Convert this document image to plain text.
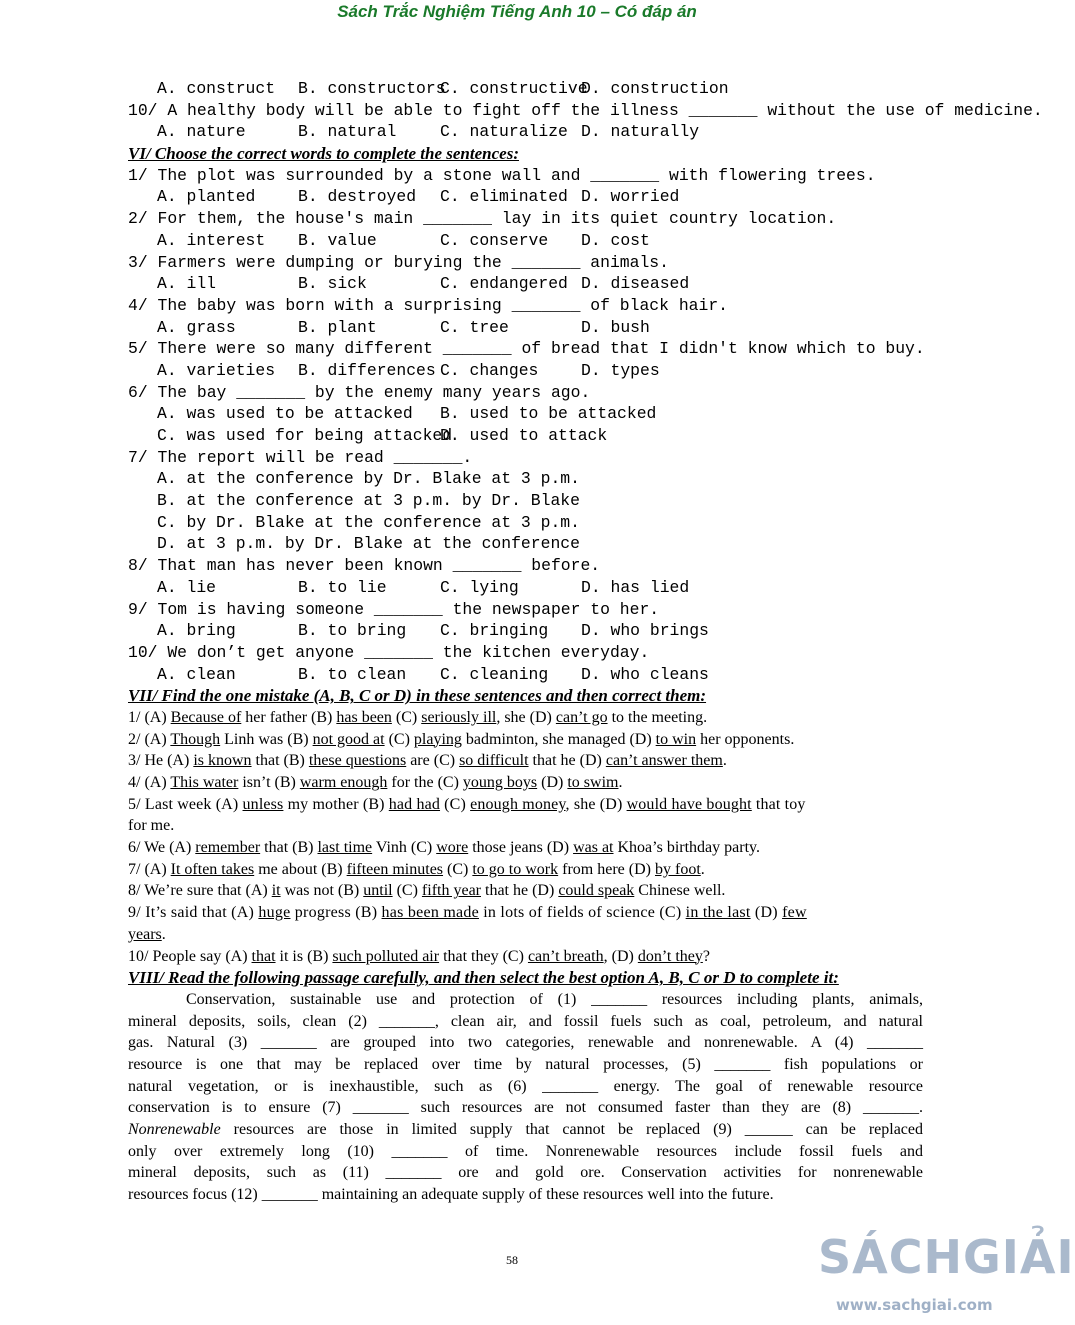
Sách Trắc Nghiệm Tiếng Anh 10 – Có đáp án
A. construct B. constructorsC. constructiveD. construction
10/ A healthy body will be able to fight off the illness _______ without the use of medicine.
A. nature	B. natural	C. naturalize D. naturally
VI/ Choose the correct words to complete the sentences:
1/ The plot was surrounded by a stone wall and _______ with flowering trees.
A. planted	B. destroyed C. eliminated D. worried
2/ For them, the house's main _______ lay in its quiet country location.
A. interest B. value	C. conserve D. cost
3/ Farmers were dumping or burying the _______ animals.
A. ill	B. sick	C. endangered D. diseased
4/ The baby was born with a surprising _______ of black hair.
A. grass	B. plant	C. tree	D. bush
5/ There were so many different _______ of bread that I didn't know which to buy.
A. varieties B. differences C. changes	D. types
6/ The bay _______ by the enemy many years ago.
A. was used to be attacked B. used to be attacked
C. was used for being attackedD. used to attack
7/ The report will be read _______.
A. at the conference by Dr. Blake at 3 p.m.
B. at the conference at 3 p.m. by Dr. Blake
C. by Dr. Blake at the conference at 3 p.m.
D. at 3 p.m. by Dr. Blake at the conference
8/ That man has never been known _______ before.
A. lie	B. to lie	C. lying	D. has lied
9/ Tom is having someone _______ the newspaper to her.
A. bring	B. to bring C. bringing D. who brings
10/ We don’t get anyone _______ the kitchen everyday.
A. clean	B. to clean C. cleaning D. who cleans
VII/ Find the one mistake (A, B, C or D) in these sentences and then correct them:
1/ (A) Because of her father (B) has been (C) seriously ill, she (D) can’t go to the meeting.
2/ (A) Though Linh was (B) not good at (C) playing badminton, she managed (D) to win her opponents.
3/ He (A) is known that (B) these questions are (C) so difficult that he (D) can’t answer them.
4/ (A) This water isn’t (B) warm enough for the (C) young boys (D) to swim.
5/ Last week (A) unless my mother (B) had had (C) enough money, she (D) would have bought that toy
for me.
6/ We (A) remember that (B) last time Vinh (C) wore those jeans (D) was at Khoa’s birthday party.
7/ (A) It often takes me about (B) fifteen minutes (C) to go to work from here (D) by foot.
8/ We’re sure that (A) it was not (B) until (C) fifth year that he (D) could speak Chinese well.
9/ It’s said that (A) huge progress (B) has been made in lots of fields of science (C) in the last (D) few
years.
10/ People say (A) that it is (B) such polluted air that they (C) can’t breath, (D) don’t they?
VIII/ Read the following passage carefully, and then select the best option A, B, C or D to complete it:
Conservation, sustainable use and protection of (1) _______ resources including plants, animals,
mineral deposits, soils, clean (2) _______, clean air, and fossil fuels such as coal, petroleum, and natural
gas. Natural (3) _______ are grouped into two categories, renewable and nonrenewable. A (4) _______
resource is one that may be replaced over time by natural processes, (5) _______ fish populations or
natural vegetation, or is inexhaustible, such as (6) _______ energy. The goal of renewable resource
conservation is to ensure (7) _______ such resources are not consumed faster than they are (8) _______.
Nonrenewable resources are those in limited supply that cannot be replaced (9) ______ can be replaced
only over extremely long (10) _______ of time. Nonrenewable resources include fossil fuels and
mineral deposits, such as (11) _______ ore and gold ore. Conservation activities for nonrenewable
resources focus (12) _______ maintaining an adequate supply of these resources well into the future.
58	SÁCHGIẢI
www.sachgiai.com
